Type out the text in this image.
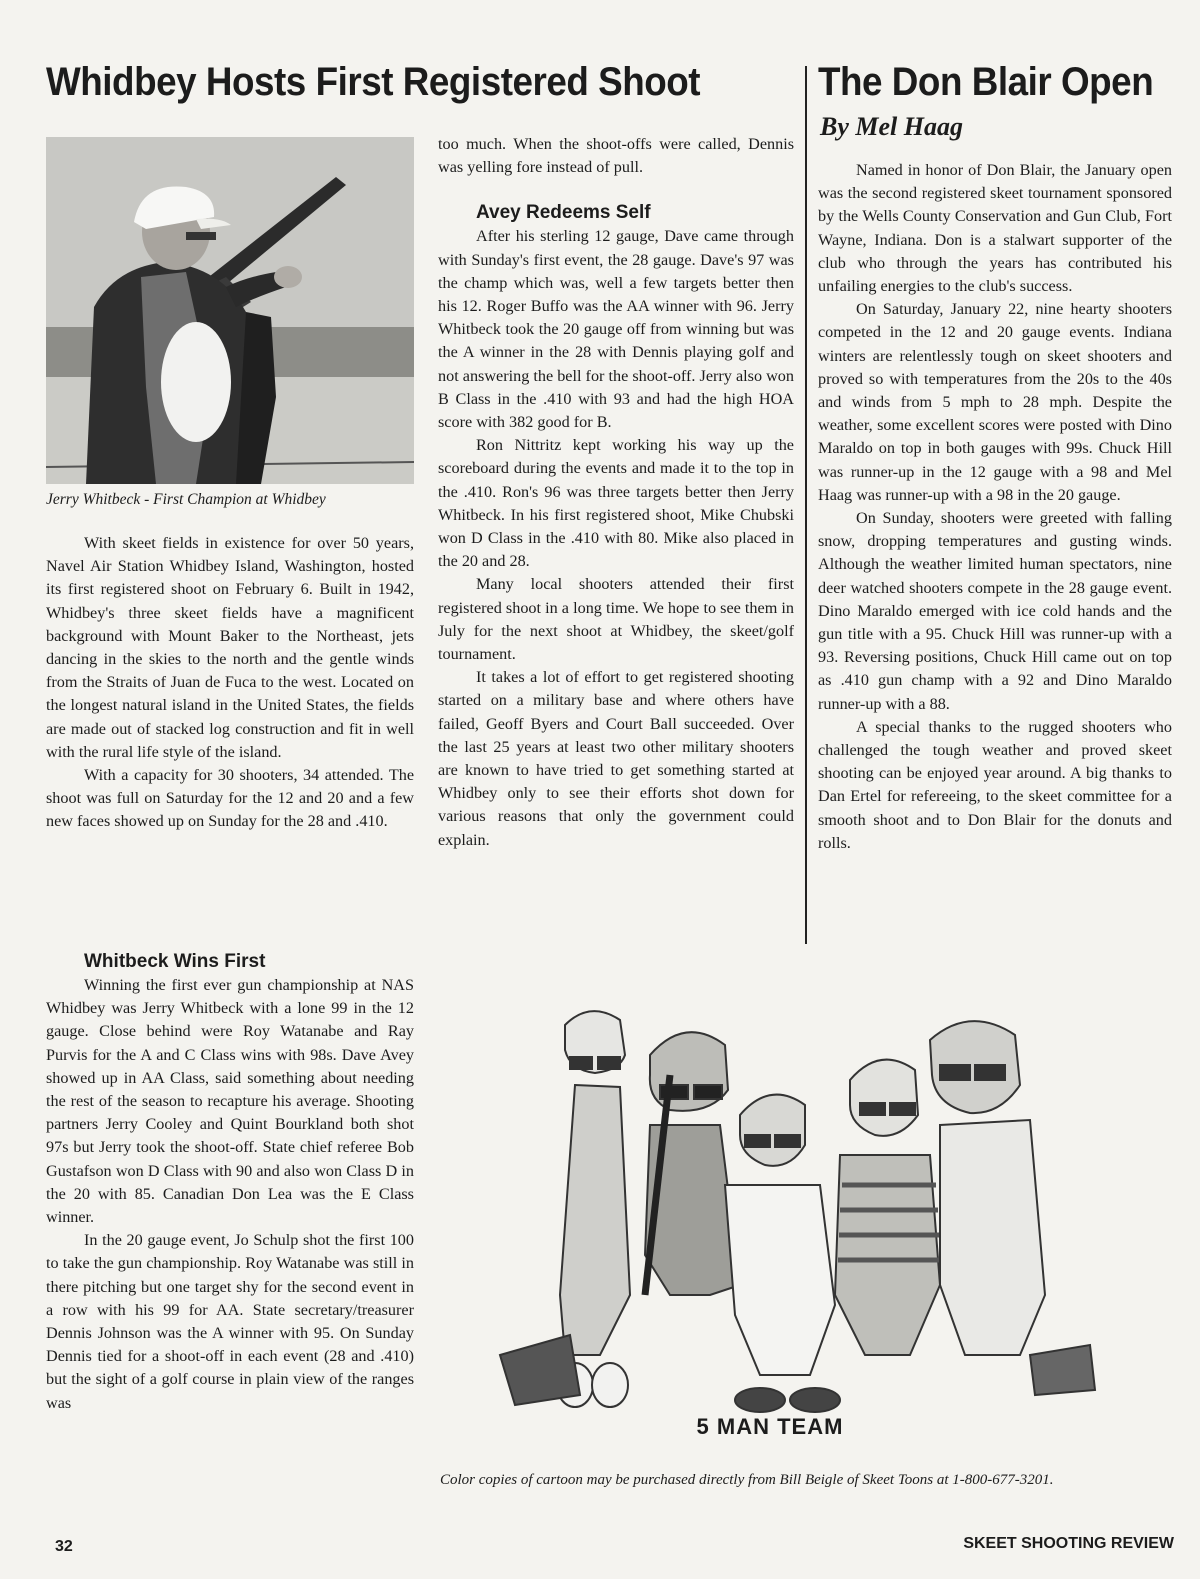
Whidbey Hosts First Registered Shoot	The Don Blair Open

By Mel Haag

Jerry Whitbeck - First Champion at Whidbey

With skeet fields in existence for over 50 years, Navel Air Station Whidbey Island, Washington, hosted its first registered shoot on February 6. Built in 1942, Whidbey's three skeet fields have a magnificent background with Mount Baker to the Northeast, jets dancing in the skies to the north and the gentle winds from the Straits of Juan de Fuca to the west. Located on the longest natural island in the United States, the fields are made out of stacked log construction and fit in well with the rural life style of the island.

With a capacity for 30 shooters, 34 attended. The shoot was full on Saturday for the 12 and 20 and a few new faces showed up on Sunday for the 28 and .410.

Whitbeck Wins First

Winning the first ever gun championship at NAS Whidbey was Jerry Whitbeck with a lone 99 in the 12 gauge. Close behind were Roy Watanabe and Ray Purvis for the A and C Class wins with 98s. Dave Avey showed up in AA Class, said something about needing the rest of the season to recapture his average. Shooting partners Jerry Cooley and Quint Bourkland both shot 97s but Jerry took the shoot-off. State chief referee Bob Gustafson won D Class with 90 and also won Class D in the 20 with 85. Canadian Don Lea was the E Class winner.

In the 20 gauge event, Jo Schulp shot the first 100 to take the gun championship. Roy Watanabe was still in there pitching but one target shy for the second event in a row with his 99 for AA. State secretary/treasurer Dennis Johnson was the A winner with 95. On Sunday Dennis tied for a shoot-off in each event (28 and .410) but the sight of a golf course in plain view of the ranges was

too much. When the shoot-offs were called, Dennis was yelling fore instead of pull.

Avey Redeems Self

After his sterling 12 gauge, Dave came through with Sunday's first event, the 28 gauge. Dave's 97 was the champ which was, well a few targets better then his 12. Roger Buffo was the AA winner with 96. Jerry Whitbeck took the 20 gauge off from winning but was the A winner in the 28 with Dennis playing golf and not answering the bell for the shoot-off. Jerry also won B Class in the .410 with 93 and had the high HOA score with 382 good for B.

Ron Nittritz kept working his way up the scoreboard during the events and made it to the top in the .410. Ron's 96 was three targets better then Jerry Whitbeck. In his first registered shoot, Mike Chubski won D Class in the .410 with 80. Mike also placed in the 20 and 28.

Many local shooters attended their first registered shoot in a long time. We hope to see them in July for the next shoot at Whidbey, the skeet/golf tournament.

It takes a lot of effort to get registered shooting started on a military base and where others have failed, Geoff Byers and Court Ball succeeded. Over the last 25 years at least two other military shooters are known to have tried to get something started at Whidbey only to see their efforts shot down for various reasons that only the government could explain.

Named in honor of Don Blair, the January open was the second registered skeet tournament sponsored by the Wells County Conservation and Gun Club, Fort Wayne, Indiana. Don is a stalwart supporter of the club who through the years has contributed his unfailing energies to the club's success.

On Saturday, January 22, nine hearty shooters competed in the 12 and 20 gauge events. Indiana winters are relentlessly tough on skeet shooters and proved so with temperatures from the 20s to the 40s and winds from 5 mph to 28 mph. Despite the weather, some excellent scores were posted with Dino Maraldo on top in both gauges with 99s. Chuck Hill was runner-up in the 12 gauge with a 98 and Mel Haag was runner-up with a 98 in the 20 gauge.

On Sunday, shooters were greeted with falling snow, dropping temperatures and gusting winds. Although the weather limited human spectators, nine deer watched shooters compete in the 28 gauge event. Dino Maraldo emerged with ice cold hands and the gun title with a 95. Chuck Hill was runner-up with a 93. Reversing positions, Chuck Hill came out on top as .410 gun champ with a 92 and Dino Maraldo runner-up with a 88.

A special thanks to the rugged shooters who challenged the tough weather and proved skeet shooting can be enjoyed year around. A big thanks to Dan Ertel for refereeing, to the skeet committee for a smooth shoot and to Don Blair for the donuts and rolls.

5 MAN TEAM

Color copies of cartoon may be purchased directly from Bill Beigle of Skeet Toons at 1-800-677-3201.

32	SKEET SHOOTING REVIEW
